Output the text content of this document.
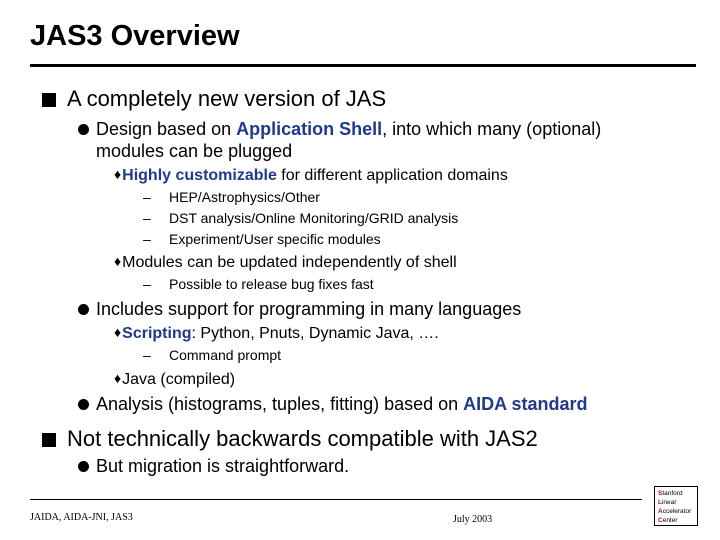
JAS3 Overview
A completely new version of JAS
Design based on Application Shell, into which many (optional)
modules can be plugged
♦Highly customizable for different application domains
– HEP/Astrophysics/Other
– DST analysis/Online Monitoring/GRID analysis
– Experiment/User specific modules
♦Modules can be updated independently of shell
– Possible to release bug fixes fast
Includes support for programming in many languages
♦Scripting: Python, Pnuts, Dynamic Java, ….
– Command prompt
♦Java (compiled)
Analysis (histograms, tuples, fitting) based on AIDA standard
Not technically backwards compatible with JAS2
But migration is straightforward.
JAIDA, AIDA-JNI, JAS3	July 2003
Stanford
Linear
Accelerator
Center
